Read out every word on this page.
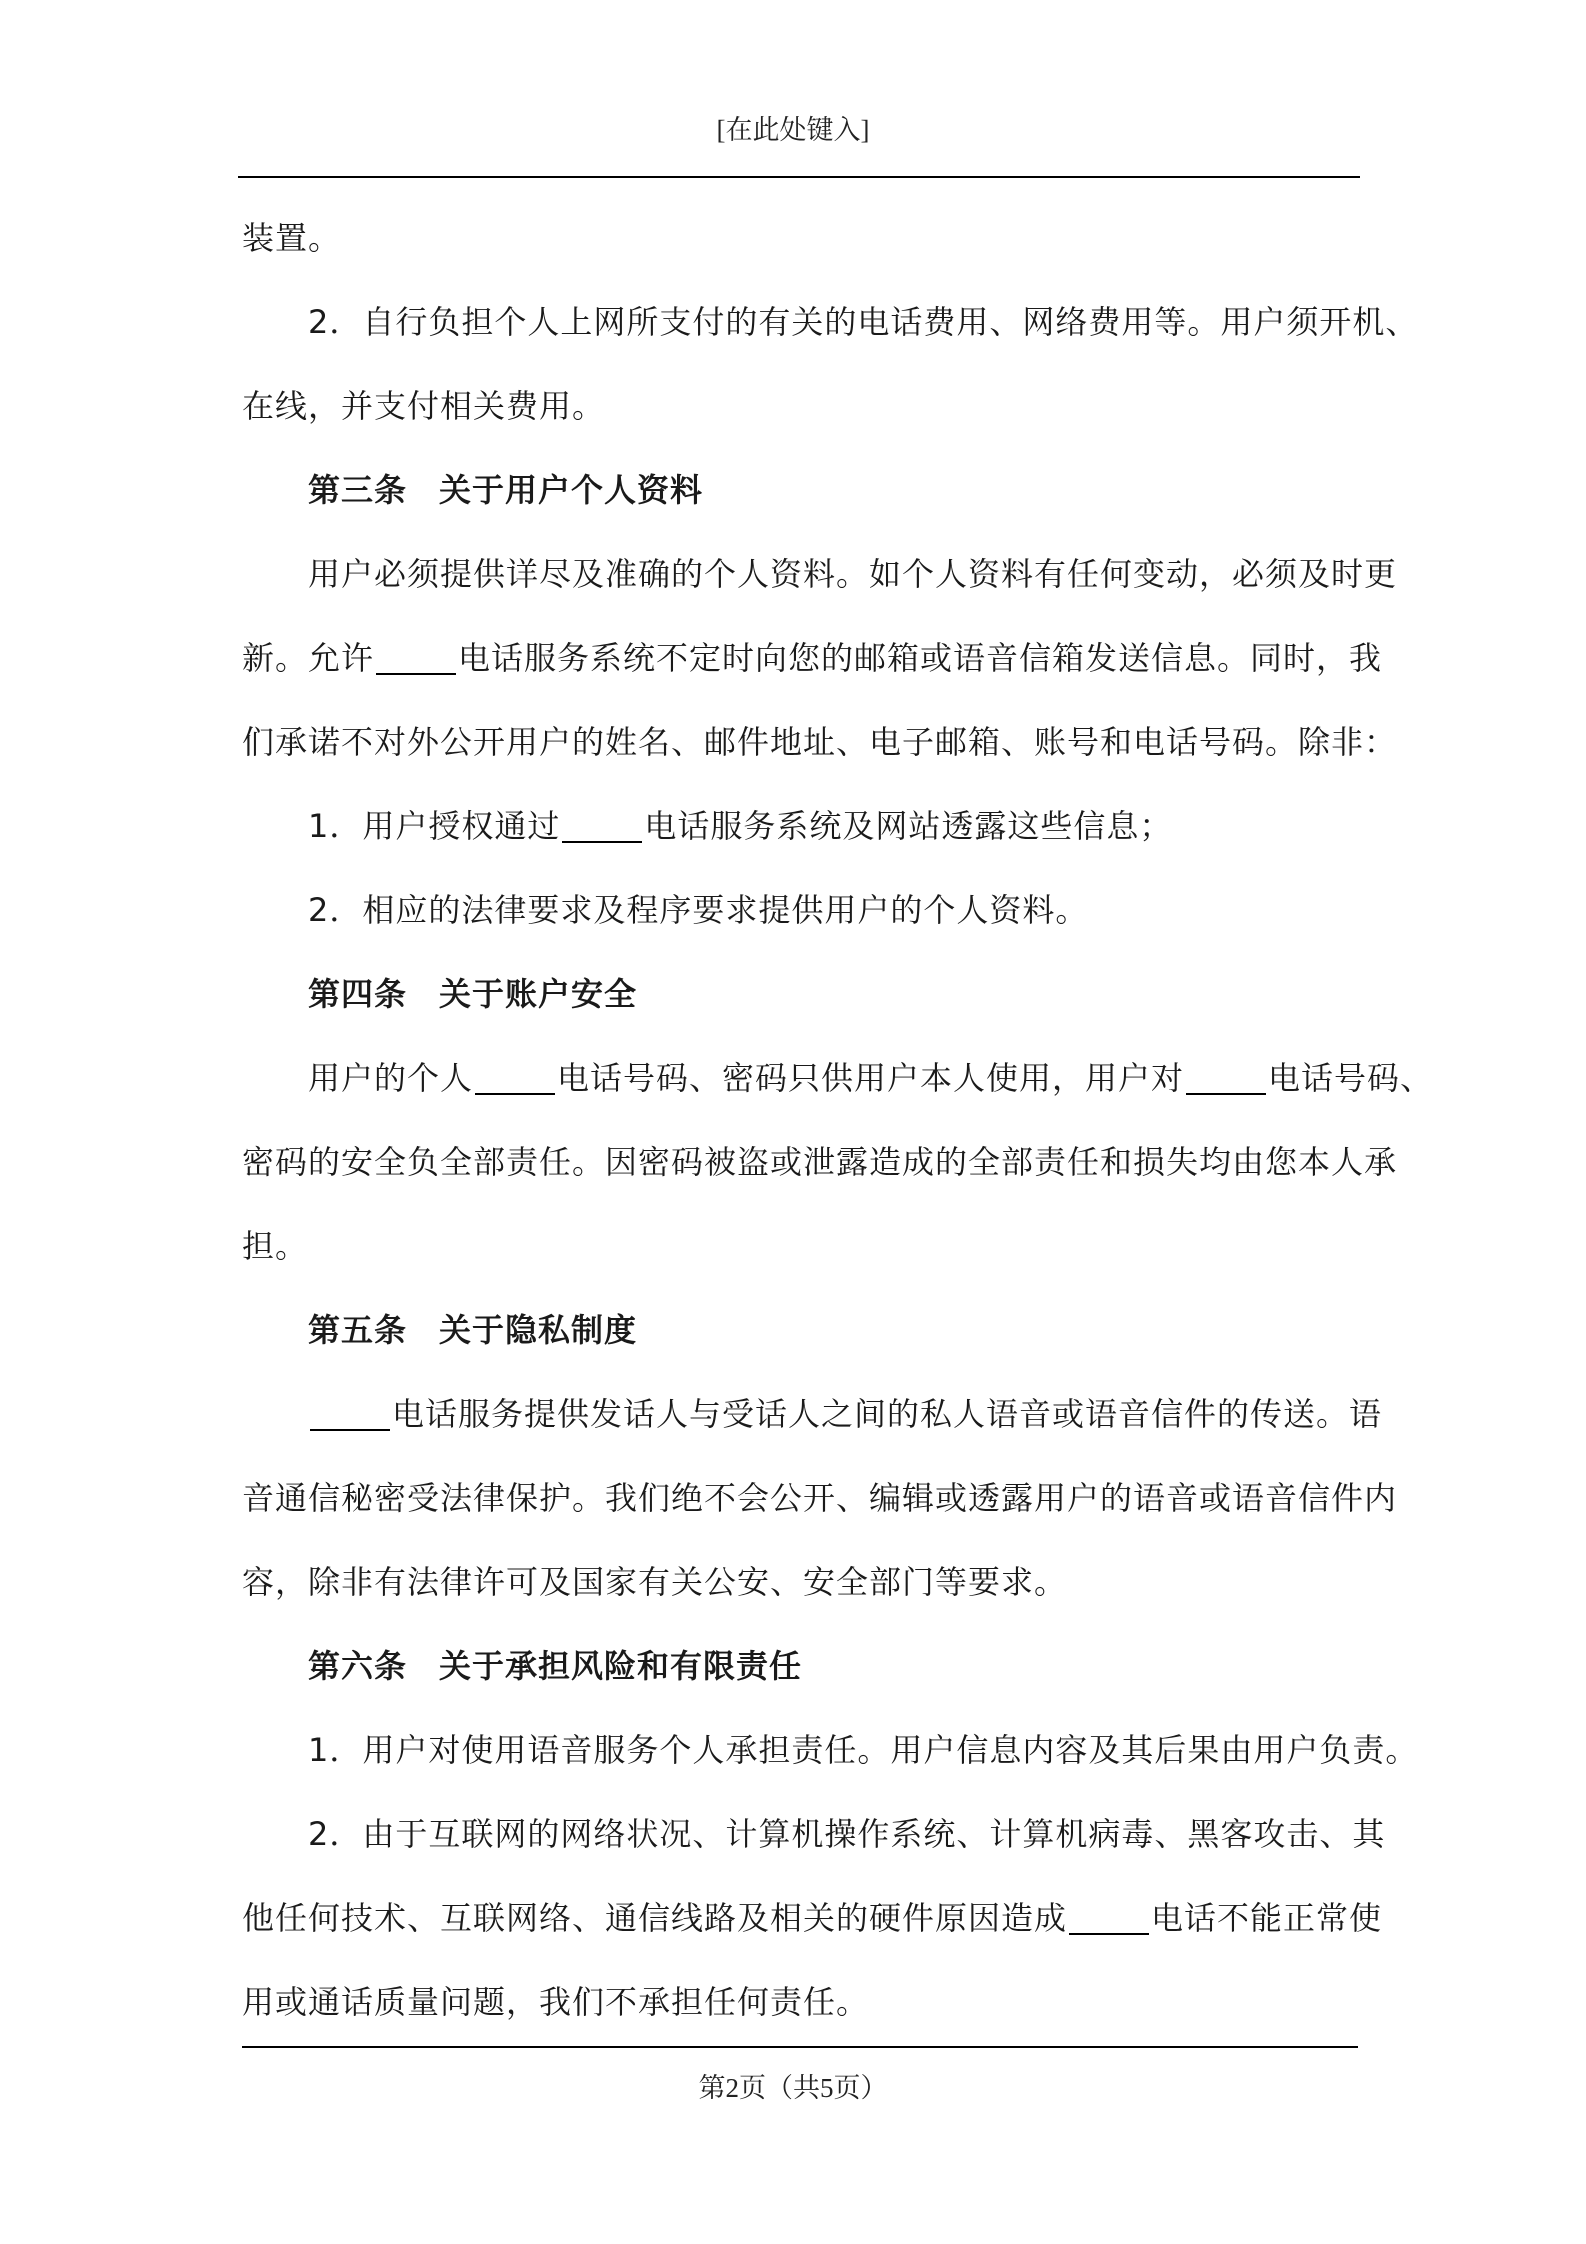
[在此处键入]
装置。
2．自行负担个人上网所支付的有关的电话费用、网络费用等。用户须开机、
在线，并支付相关费用。
第三条 关于用户个人资料
用户必须提供详尽及准确的个人资料。如个人资料有任何变动，必须及时更
新。允许	电话服务系统不定时向您的邮箱或语音信箱发送信息。同时，我
们承诺不对外公开用户的姓名、邮件地址、电子邮箱、账号和电话号码。除非：
1．用户授权通过	电话服务系统及网站透露这些信息；
2．相应的法律要求及程序要求提供用户的个人资料。
第四条 关于账户安全
用户的个人	电话号码、密码只供用户本人使用，用户对	电话号码、
密码的安全负全部责任。因密码被盗或泄露造成的全部责任和损失均由您本人承
担。
第五条 关于隐私制度
电话服务提供发话人与受话人之间的私人语音或语音信件的传送。语
音通信秘密受法律保护。我们绝不会公开、编辑或透露用户的语音或语音信件内
容，除非有法律许可及国家有关公安、安全部门等要求。
第六条 关于承担风险和有限责任
1．用户对使用语音服务个人承担责任。用户信息内容及其后果由用户负责。
2．由于互联网的网络状况、计算机操作系统、计算机病毒、黑客攻击、其
他任何技术、互联网络、通信线路及相关的硬件原因造成	电话不能正常使
用或通话质量问题，我们不承担任何责任。
第2页（共5页）
